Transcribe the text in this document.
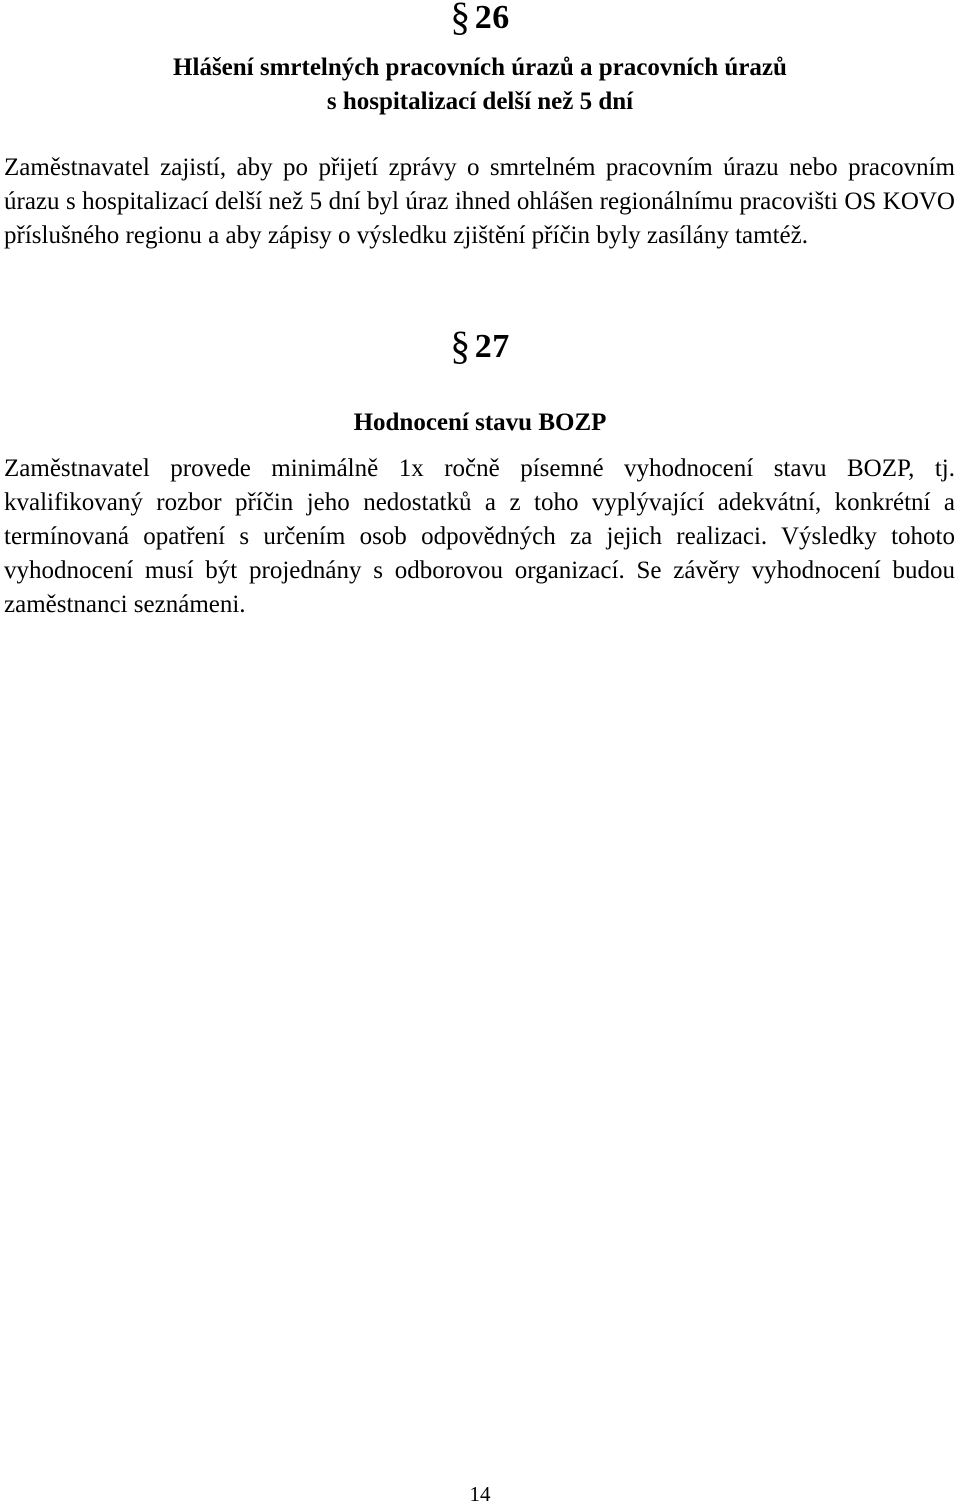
§ 26
Hlášení smrtelných pracovních úrazů a pracovních úrazů
s hospitalizací delší než 5 dní

Zaměstnavatel zajistí, aby po přijetí zprávy o smrtelném pracovním úrazu nebo pracovním úrazu s hospitalizací delší než 5 dní byl úraz ihned ohlášen regionálnímu pracovišti OS KOVO příslušného regionu a aby zápisy o výsledku zjištění příčin byly zasílány tamtéž.

§ 27
Hodnocení stavu BOZP

Zaměstnavatel provede minimálně 1x ročně písemné vyhodnocení stavu BOZP, tj. kvalifikovaný rozbor příčin jeho nedostatků a z toho vyplývající adekvátní, konkrétní a termínovaná opatření s určením osob odpovědných za jejich realizaci. Výsledky tohoto vyhodnocení musí být projednány s odborovou organizací. Se závěry vyhodnocení budou zaměstnanci seznámeni.

14
